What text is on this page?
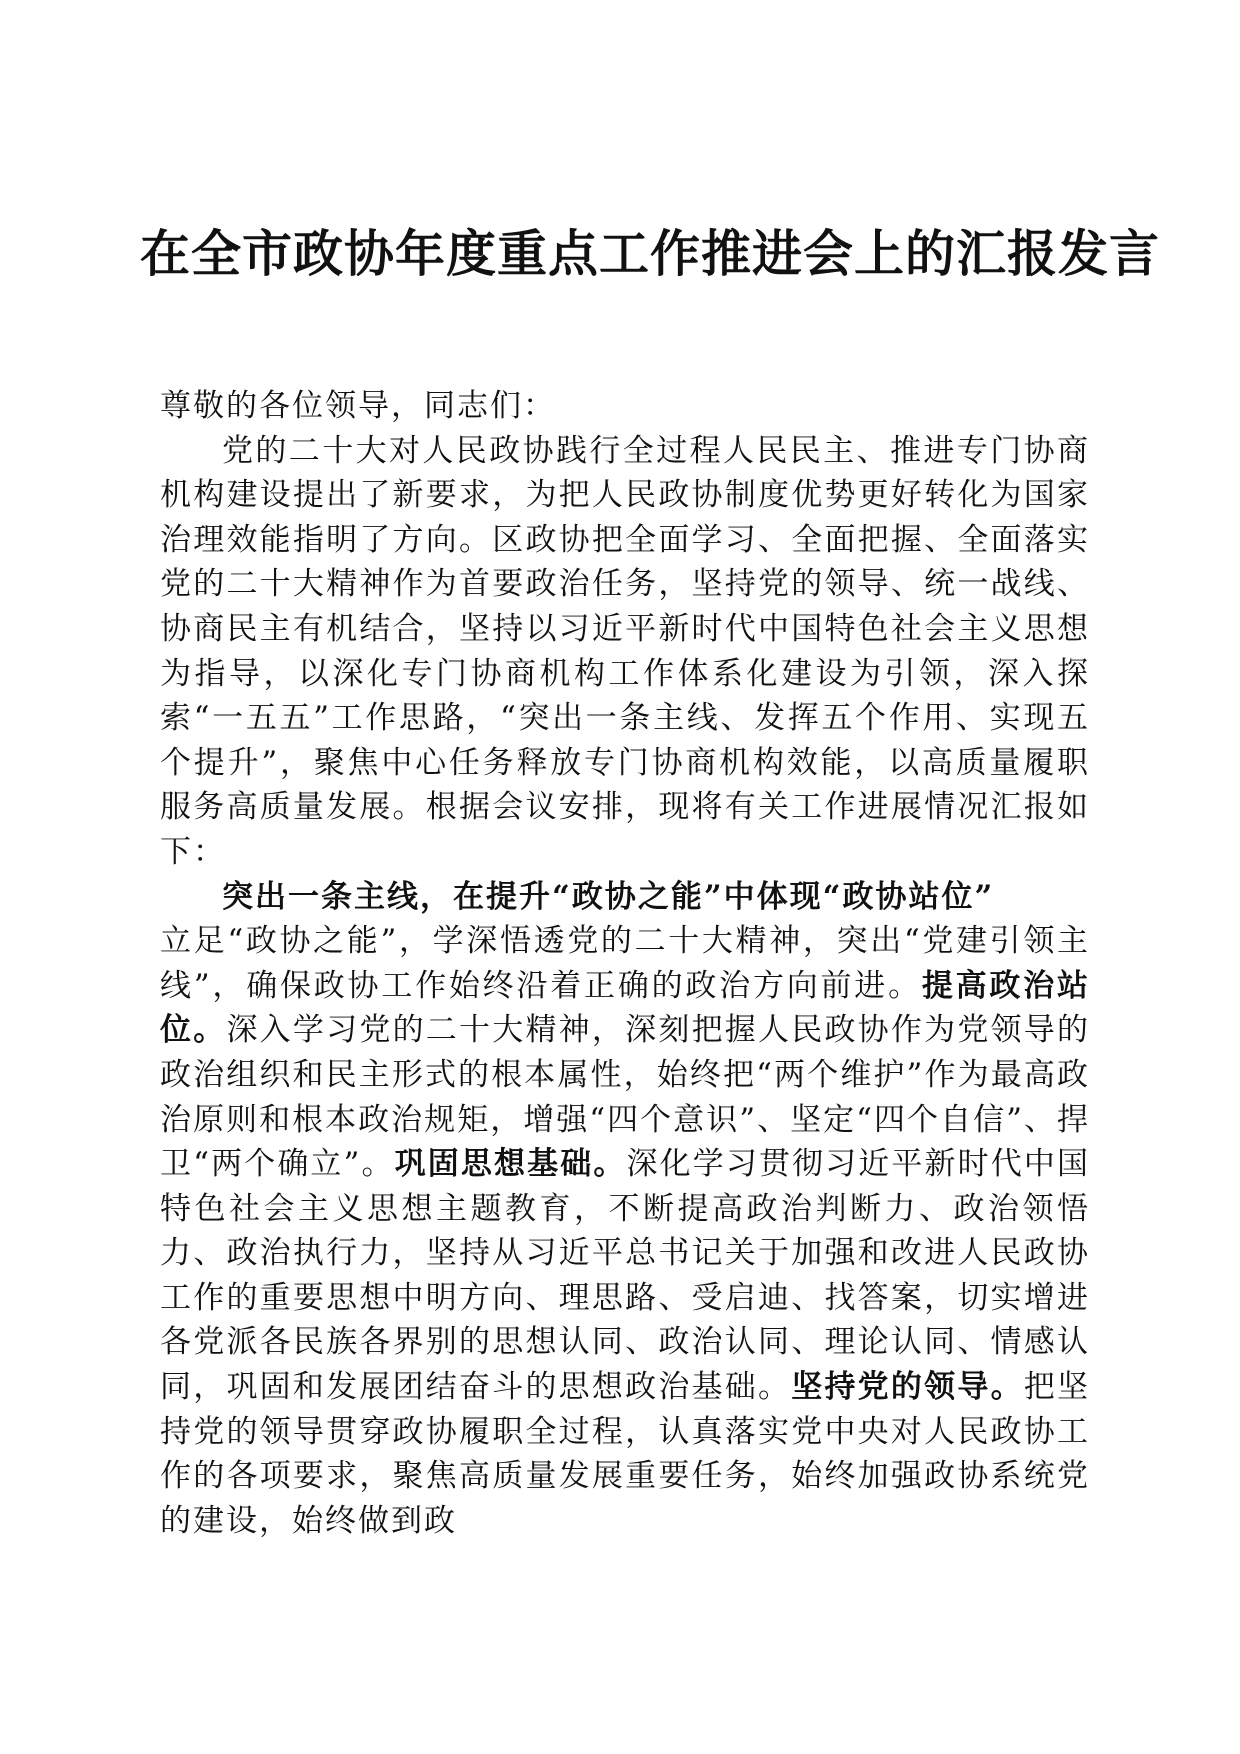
在全市政协年度重点工作推进会上的汇报发言

尊敬的各位领导，同志们：

党的二十大对人民政协践行全过程人民民主、推进专门协商机构建设提出了新要求，为把人民政协制度优势更好转化为国家治理效能指明了方向。区政协把全面学习、全面把握、全面落实党的二十大精神作为首要政治任务，坚持党的领导、统一战线、协商民主有机结合，坚持以习近平新时代中国特色社会主义思想为指导，以深化专门协商机构工作体系化建设为引领，深入探索“一五五”工作思路，“突出一条主线、发挥五个作用、实现五个提升”，聚焦中心任务释放专门协商机构效能，以高质量履职服务高质量发展。根据会议安排，现将有关工作进展情况汇报如下：

突出一条主线，在提升“政协之能”中体现“政协站位”

立足“政协之能”，学深悟透党的二十大精神，突出“党建引领主线”，确保政协工作始终沿着正确的政治方向前进。提高政治站位。深入学习党的二十大精神，深刻把握人民政协作为党领导的政治组织和民主形式的根本属性，始终把“两个维护”作为最高政治原则和根本政治规矩，增强“四个意识”、坚定“四个自信”、捍卫“两个确立”。巩固思想基础。深化学习贯彻习近平新时代中国特色社会主义思想主题教育，不断提高政治判断力、政治领悟力、政治执行力，坚持从习近平总书记关于加强和改进人民政协工作的重要思想中明方向、理思路、受启迪、找答案，切实增进各党派各民族各界别的思想认同、政治认同、理论认同、情感认同，巩固和发展团结奋斗的思想政治基础。坚持党的领导。把坚持党的领导贯穿政协履职全过程，认真落实党中央对人民政协工作的各项要求，聚焦高质量发展重要任务，始终加强政协系统党的建设，始终做到政
